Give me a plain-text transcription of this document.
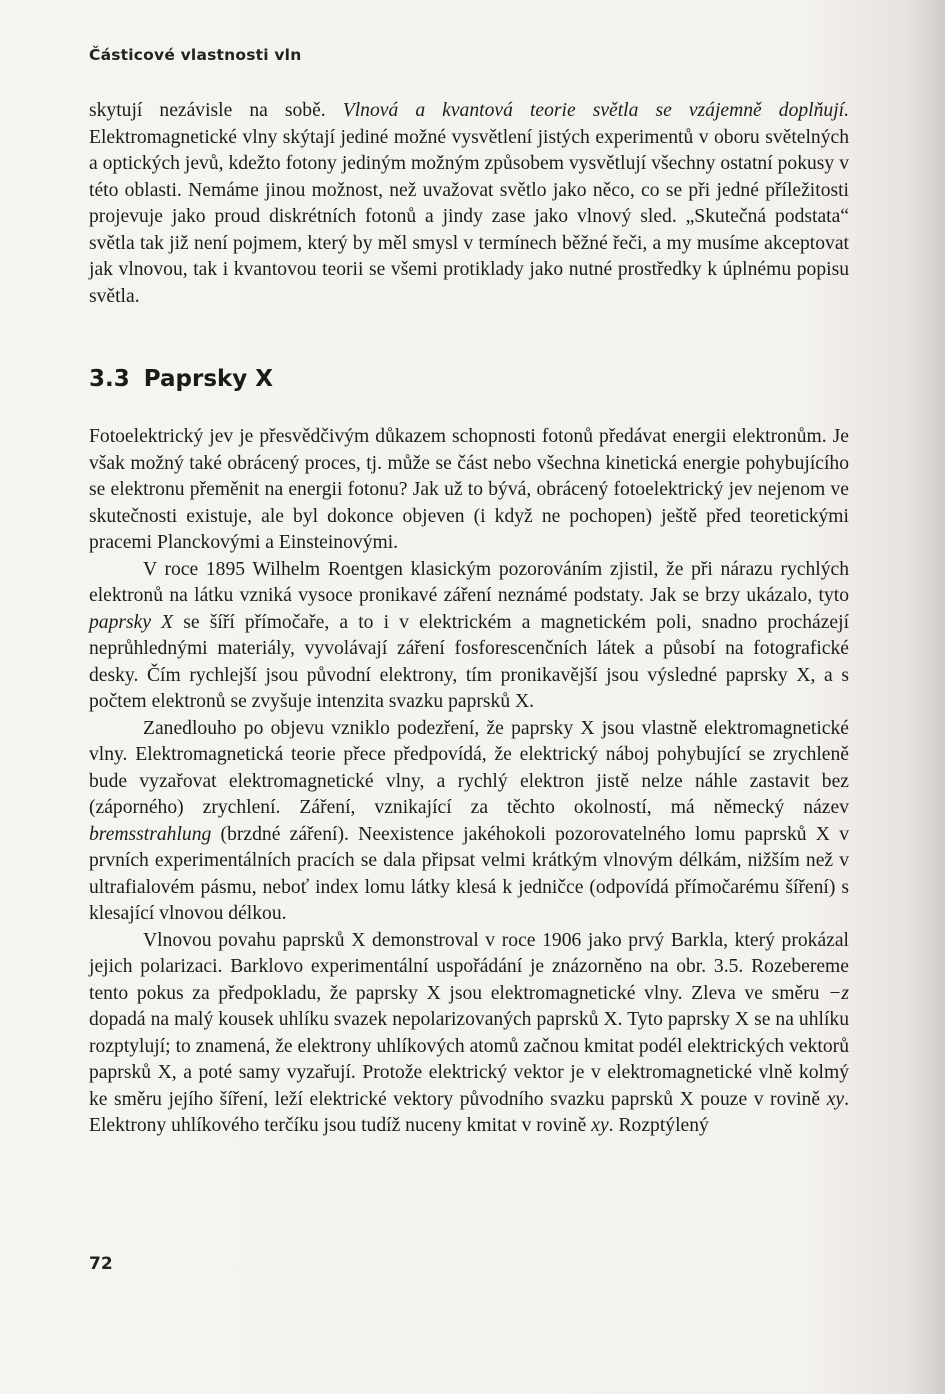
Částicové vlastnosti vln
skytují nezávisle na sobě. Vlnová a kvantová teorie světla se vzájemně doplňují. Elektromagnetické vlny skýtají jediné možné vysvětlení jistých experimentů v oboru světelných a optických jevů, kdežto fotony jediným možným způsobem vysvětlují všechny ostatní pokusy v této oblasti. Nemáme jinou možnost, než uvažovat světlo jako něco, co se při jedné příležitosti projevuje jako proud diskrétních fotonů a jindy zase jako vlnový sled. „Skutečná podstata“ světla tak již není pojmem, který by měl smysl v termínech běžné řeči, a my musíme akceptovat jak vlnovou, tak i kvantovou teorii se všemi protiklady jako nutné prostředky k úplnému popisu světla.
3.3 Paprsky X

Fotoelektrický jev je přesvědčivým důkazem schopnosti fotonů předávat energii elektronům. Je však možný také obrácený proces, tj. může se část nebo všechna kinetická energie pohybujícího se elektronu přeměnit na energii fotonu? Jak už to bývá, obrácený fotoelektrický jev nejenom ve skutečnosti existuje, ale byl dokonce objeven (i když ne pochopen) ještě před teoretickými pracemi Planckovými a Einsteinovými.

V roce 1895 Wilhelm Roentgen klasickým pozorováním zjistil, že při nárazu rychlých elektronů na látku vzniká vysoce pronikavé záření neznámé podstaty. Jak se brzy ukázalo, tyto paprsky X se šíří přímočaře, a to i v elektrickém a magnetickém poli, snadno procházejí neprůhlednými materiály, vyvolávají záření fosforescenčních látek a působí na fotografické desky. Čím rychlejší jsou původní elektrony, tím pronikavější jsou výsledné paprsky X, a s počtem elektronů se zvyšuje intenzita svazku paprsků X.

Zanedlouho po objevu vzniklo podezření, že paprsky X jsou vlastně elektromagnetické vlny. Elektromagnetická teorie přece předpovídá, že elektrický náboj pohybující se zrychleně bude vyzařovat elektromagnetické vlny, a rychlý elektron jistě nelze náhle zastavit bez (záporného) zrychlení. Záření, vznikající za těchto okolností, má německý název bremsstrahlung (brzdné záření). Neexistence jakéhokoli pozorovatelného lomu paprsků X v prvních experimentálních pracích se dala připsat velmi krátkým vlnovým délkám, nižším než v ultrafialovém pásmu, neboť index lomu látky klesá k jedničce (odpovídá přímočarému šíření) s klesající vlnovou délkou.

Vlnovou povahu paprsků X demonstroval v roce 1906 jako prvý Barkla, který prokázal jejich polarizaci. Barklovo experimentální uspořádání je znázorněno na obr. 3.5. Rozebereme tento pokus za předpokladu, že paprsky X jsou elektromagnetické vlny. Zleva ve směru −z dopadá na malý kousek uhlíku svazek nepolarizovaných paprsků X. Tyto paprsky X se na uhlíku rozptylují; to znamená, že elektrony uhlíkových atomů začnou kmitat podél elektrických vektorů paprsků X, a poté samy vyzařují. Protože elektrický vektor je v elektromagnetické vlně kolmý ke směru jejího šíření, leží elektrické vektory původního svazku paprsků X pouze v rovině xy. Elektrony uhlíkového terčíku jsou tudíž nuceny kmitat v rovině xy. Rozptýlený

72
